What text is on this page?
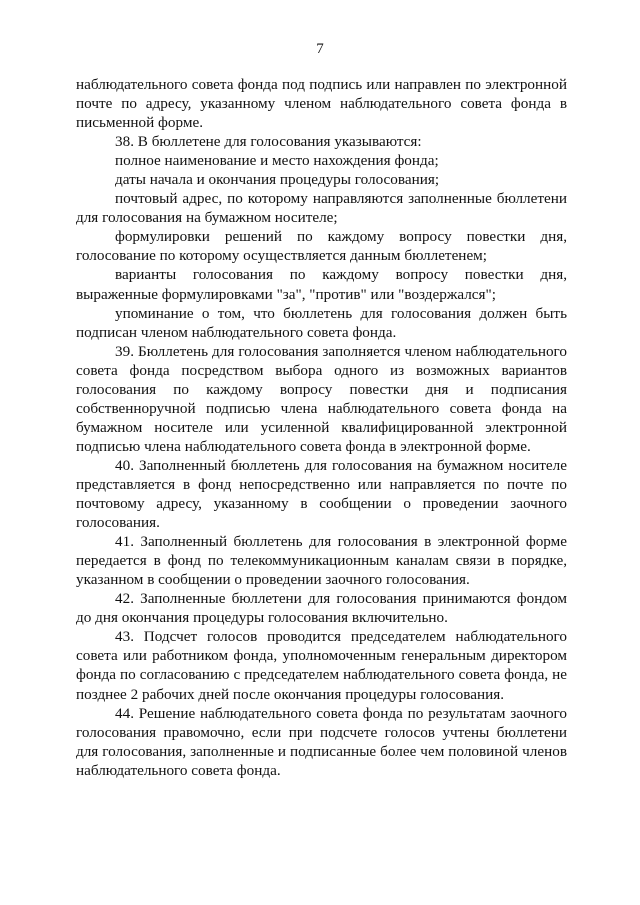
7

наблюдательного совета фонда под подпись или направлен по электронной почте по адресу, указанному членом наблюдательного совета фонда в письменной форме.

38. В бюллетене для голосования указываются:

полное наименование и место нахождения фонда;

даты начала и окончания процедуры голосования;

почтовый адрес, по которому направляются заполненные бюллетени для голосования на бумажном носителе;

формулировки решений по каждому вопросу повестки дня, голосование по которому осуществляется данным бюллетенем;

варианты голосования по каждому вопросу повестки дня, выраженные формулировками "за", "против" или "воздержался";

упоминание о том, что бюллетень для голосования должен быть подписан членом наблюдательного совета фонда.

39. Бюллетень для голосования заполняется членом наблюдательного совета фонда посредством выбора одного из возможных вариантов голосования по каждому вопросу повестки дня и подписания собственноручной подписью члена наблюдательного совета фонда на бумажном носителе или усиленной квалифицированной электронной подписью члена наблюдательного совета фонда в электронной форме.

40. Заполненный бюллетень для голосования на бумажном носителе представляется в фонд непосредственно или направляется по почте по почтовому адресу, указанному в сообщении о проведении заочного голосования.

41. Заполненный бюллетень для голосования в электронной форме передается в фонд по телекоммуникационным каналам связи в порядке, указанном в сообщении о проведении заочного голосования.

42. Заполненные бюллетени для голосования принимаются фондом до дня окончания процедуры голосования включительно.

43. Подсчет голосов проводится председателем наблюдательного совета или работником фонда, уполномоченным генеральным директором фонда по согласованию с председателем наблюдательного совета фонда, не позднее 2 рабочих дней после окончания процедуры голосования.

44. Решение наблюдательного совета фонда по результатам заочного голосования правомочно, если при подсчете голосов учтены бюллетени для голосования, заполненные и подписанные более чем половиной членов наблюдательного совета фонда.
